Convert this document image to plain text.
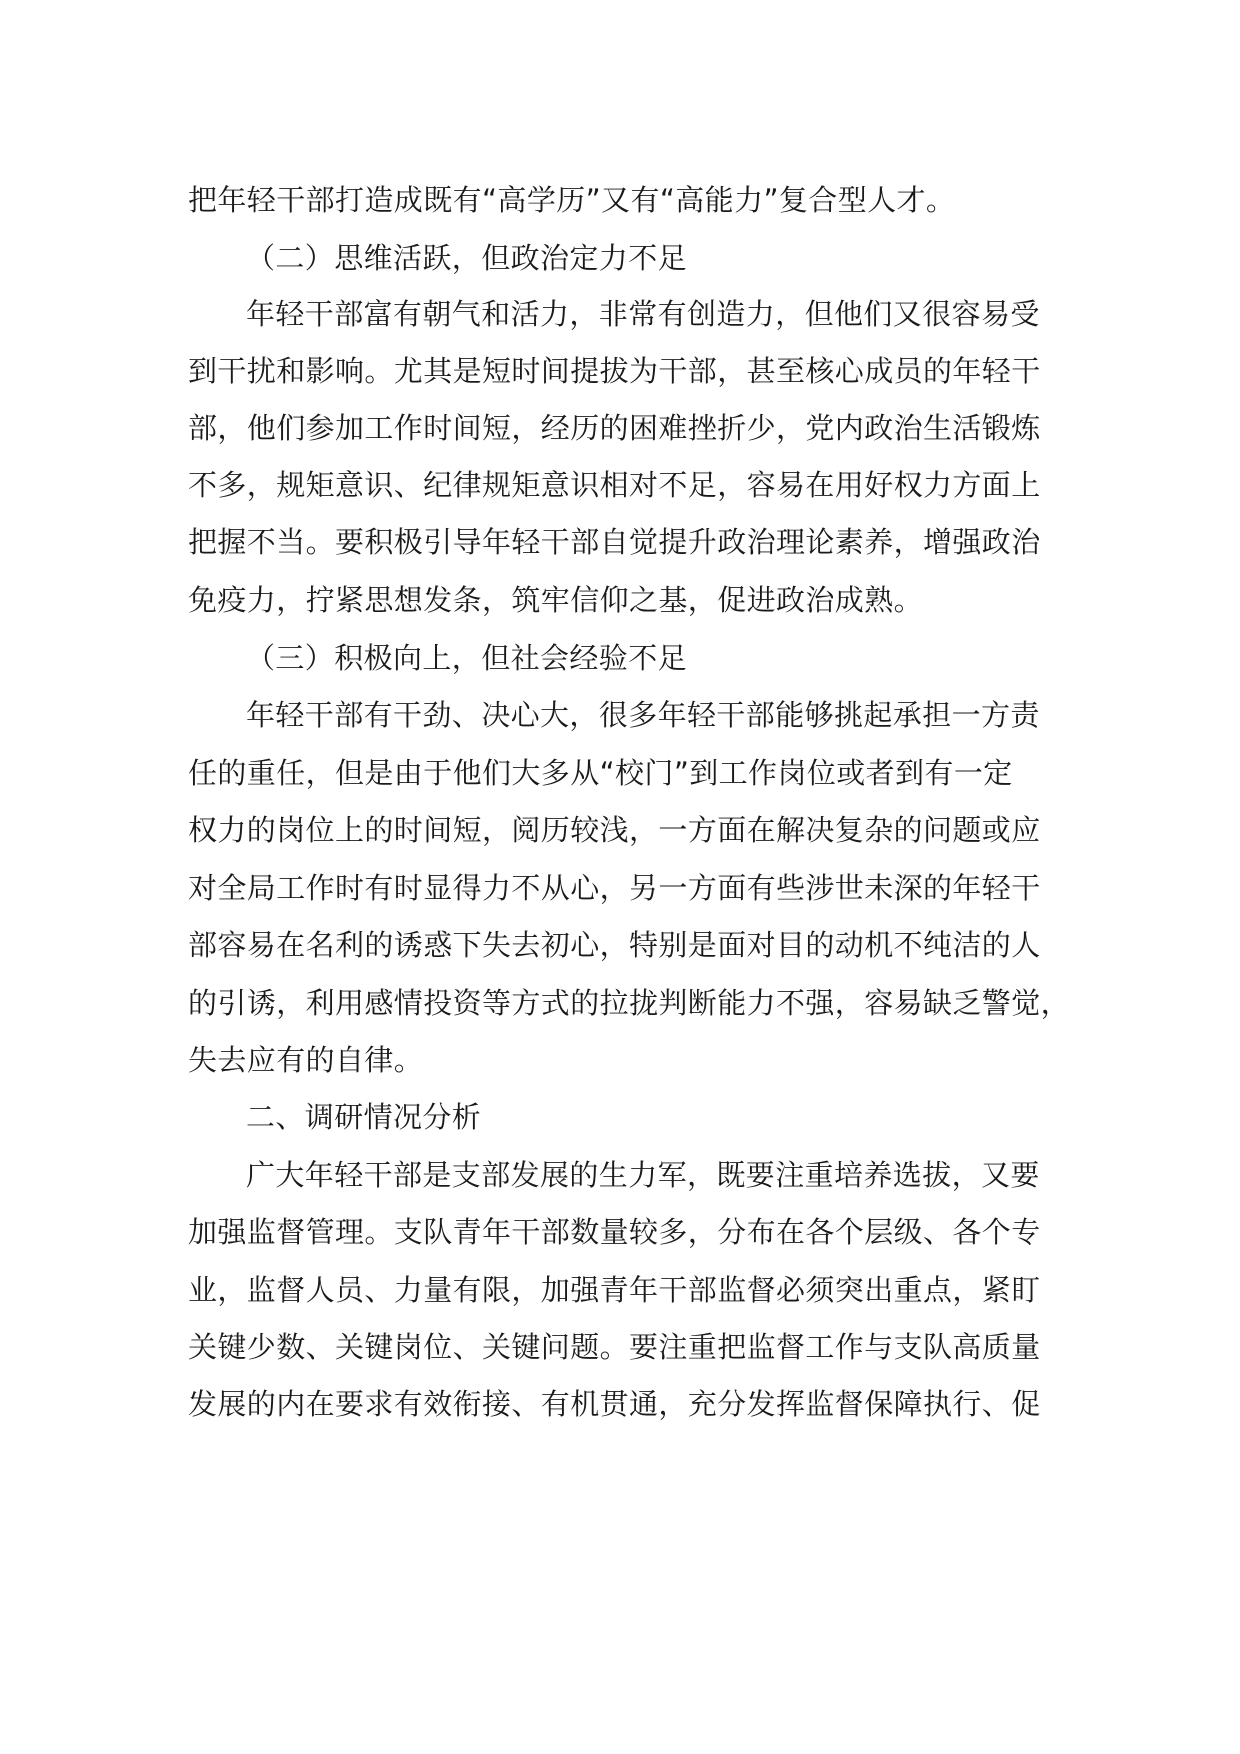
把年轻干部打造成既有“高学历”又有“高能力”复合型人才。
（二）思维活跃，但政治定力不足
年轻干部富有朝气和活力，非常有创造力，但他们又很容易受
到干扰和影响。尤其是短时间提拔为干部，甚至核心成员的年轻干
部，他们参加工作时间短，经历的困难挫折少，党内政治生活锻炼
不多，规矩意识、纪律规矩意识相对不足，容易在用好权力方面上
把握不当。要积极引导年轻干部自觉提升政治理论素养，增强政治
免疫力，拧紧思想发条，筑牢信仰之基，促进政治成熟。
（三）积极向上，但社会经验不足
年轻干部有干劲、决心大，很多年轻干部能够挑起承担一方责
任的重任，但是由于他们大多从“校门”到工作岗位或者到有一定
权力的岗位上的时间短，阅历较浅，一方面在解决复杂的问题或应
对全局工作时有时显得力不从心，另一方面有些涉世未深的年轻干
部容易在名利的诱惑下失去初心，特别是面对目的动机不纯洁的人
的引诱，利用感情投资等方式的拉拢判断能力不强，容易缺乏警觉，
失去应有的自律。
二、调研情况分析
广大年轻干部是支部发展的生力军，既要注重培养选拔，又要
加强监督管理。支队青年干部数量较多，分布在各个层级、各个专
业，监督人员、力量有限，加强青年干部监督必须突出重点，紧盯
关键少数、关键岗位、关键问题。要注重把监督工作与支队高质量
发展的内在要求有效衔接、有机贯通，充分发挥监督保障执行、促
